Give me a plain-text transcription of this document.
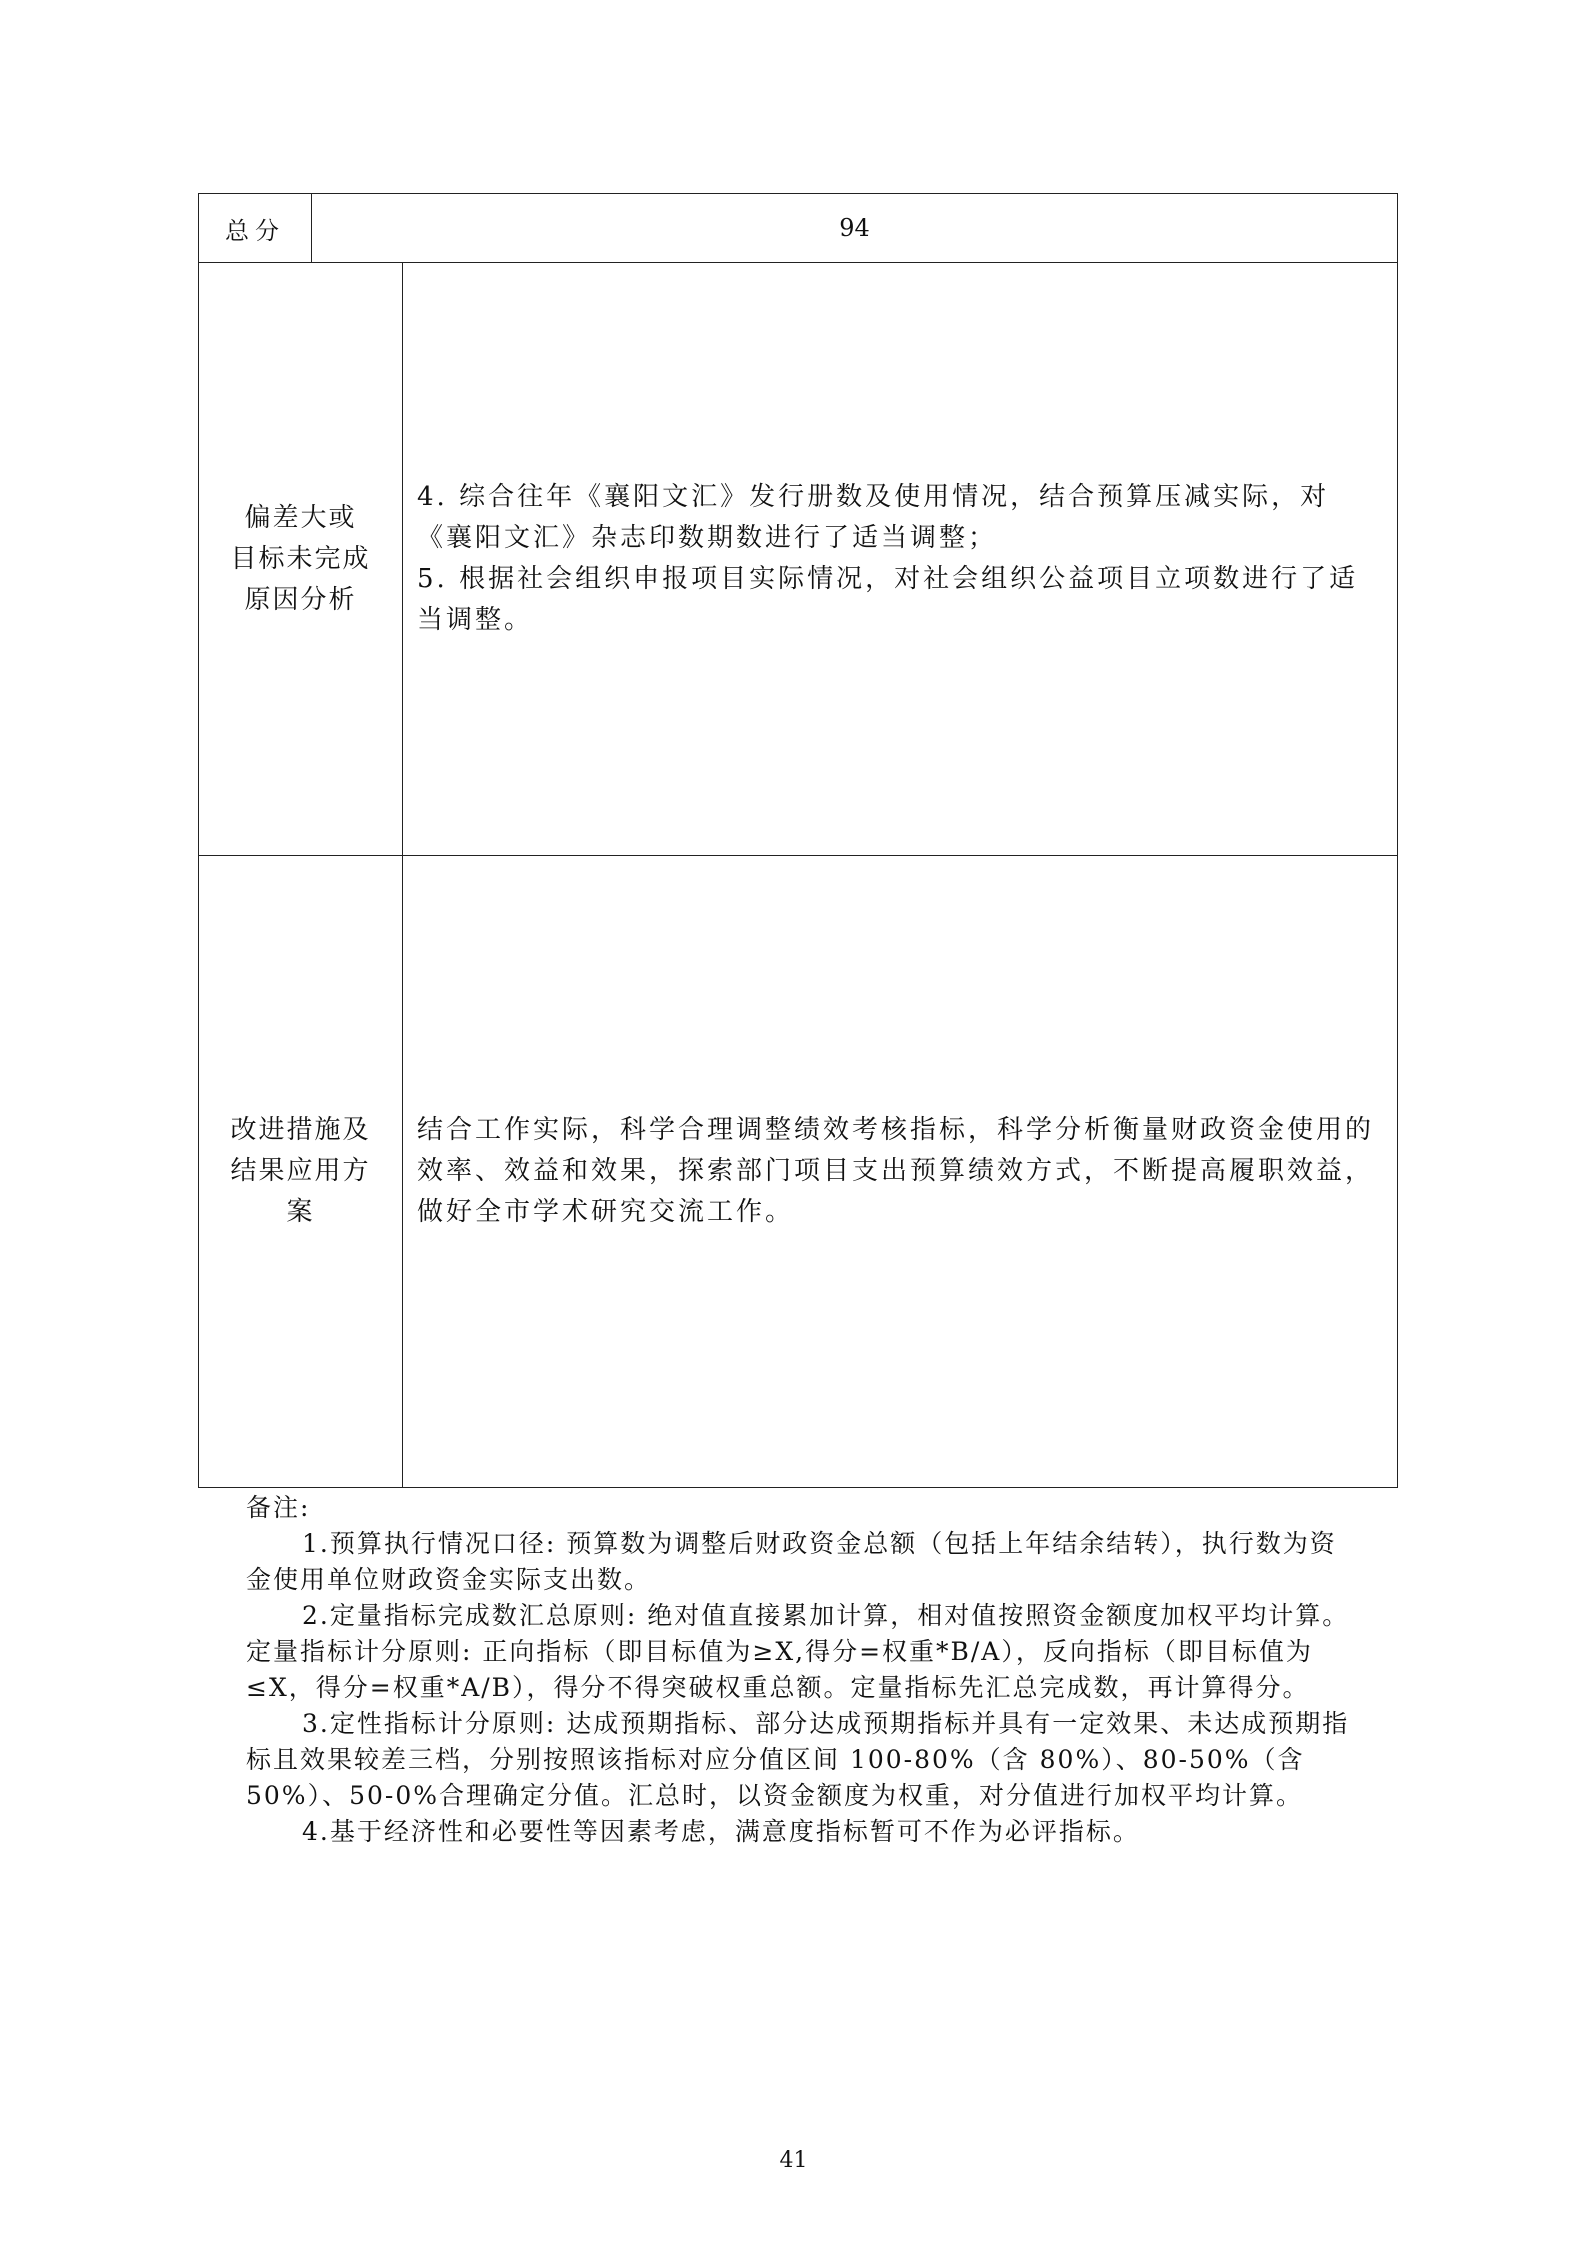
总分	94
偏差大或
目标未完成
原因分析

4. 综合往年《襄阳文汇》发行册数及使用情况，结合预算压减实际，对《襄阳文汇》杂志印数期数进行了适当调整；

5. 根据社会组织申报项目实际情况，对社会组织公益项目立项数进行了适当调整。

改进措施及
结果应用方
案

结合工作实际，科学合理调整绩效考核指标，科学分析衡量财政资金使用的效率、效益和效果，探索部门项目支出预算绩效方式，不断提高履职效益，做好全市学术研究交流工作。

备注:

1.预算执行情况口径: 预算数为调整后财政资金总额（包括上年结余结转），执行数为资金使用单位财政资金实际支出数。

2.定量指标完成数汇总原则: 绝对值直接累加计算，相对值按照资金额度加权平均计算。定量指标计分原则: 正向指标（即目标值为≥X,得分=权重*B/A），反向指标（即目标值为≤X，得分=权重*A/B），得分不得突破权重总额。定量指标先汇总完成数，再计算得分。

3.定性指标计分原则: 达成预期指标、部分达成预期指标并具有一定效果、未达成预期指标且效果较差三档，分别按照该指标对应分值区间 100-80%（含 80%）、80-50%（含 50%）、50-0%合理确定分值。汇总时，以资金额度为权重，对分值进行加权平均计算。

4.基于经济性和必要性等因素考虑，满意度指标暂可不作为必评指标。

41
